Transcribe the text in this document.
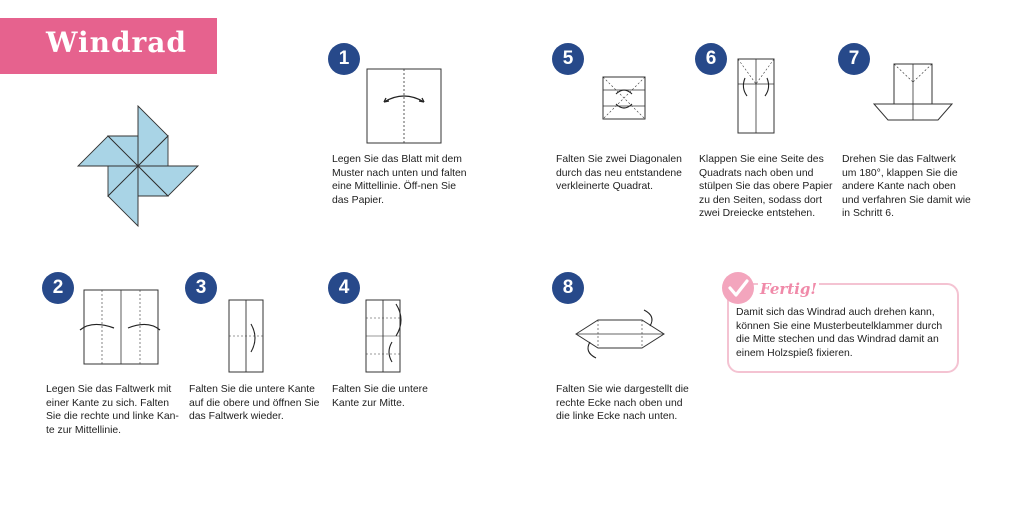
Windrad	1

Legen Sie das Blatt mit dem Muster nach unten und falten eine Mittellinie. Öff-nen Sie das Papier.

5

Falten Sie zwei Diagonalen durch das neu entstandene verkleinerte Quadrat.

6

Klappen Sie eine Seite des Quadrats nach oben und stülpen Sie das obere Papier zu den Seiten, sodass dort zwei Dreiecke entstehen.

7

Drehen Sie das Faltwerk um 180°, klappen Sie die andere Kante nach oben und verfahren Sie damit wie in Schritt 6.

2

Legen Sie das Faltwerk mit einer Kante zu sich. Falten Sie die rechte und linke Kan-te zur Mittellinie.

3

Falten Sie die untere Kante auf die obere und öffnen Sie das Faltwerk wieder.

4

Falten Sie die untere Kante zur Mitte.

8

Falten Sie wie dargestellt die rechte Ecke nach oben und die linke Ecke nach unten.

Fertig!

Damit sich das Windrad auch drehen kann, können Sie eine Musterbeutelklammer durch die Mitte stechen und das Windrad damit an einem Holzspieß fixieren.
